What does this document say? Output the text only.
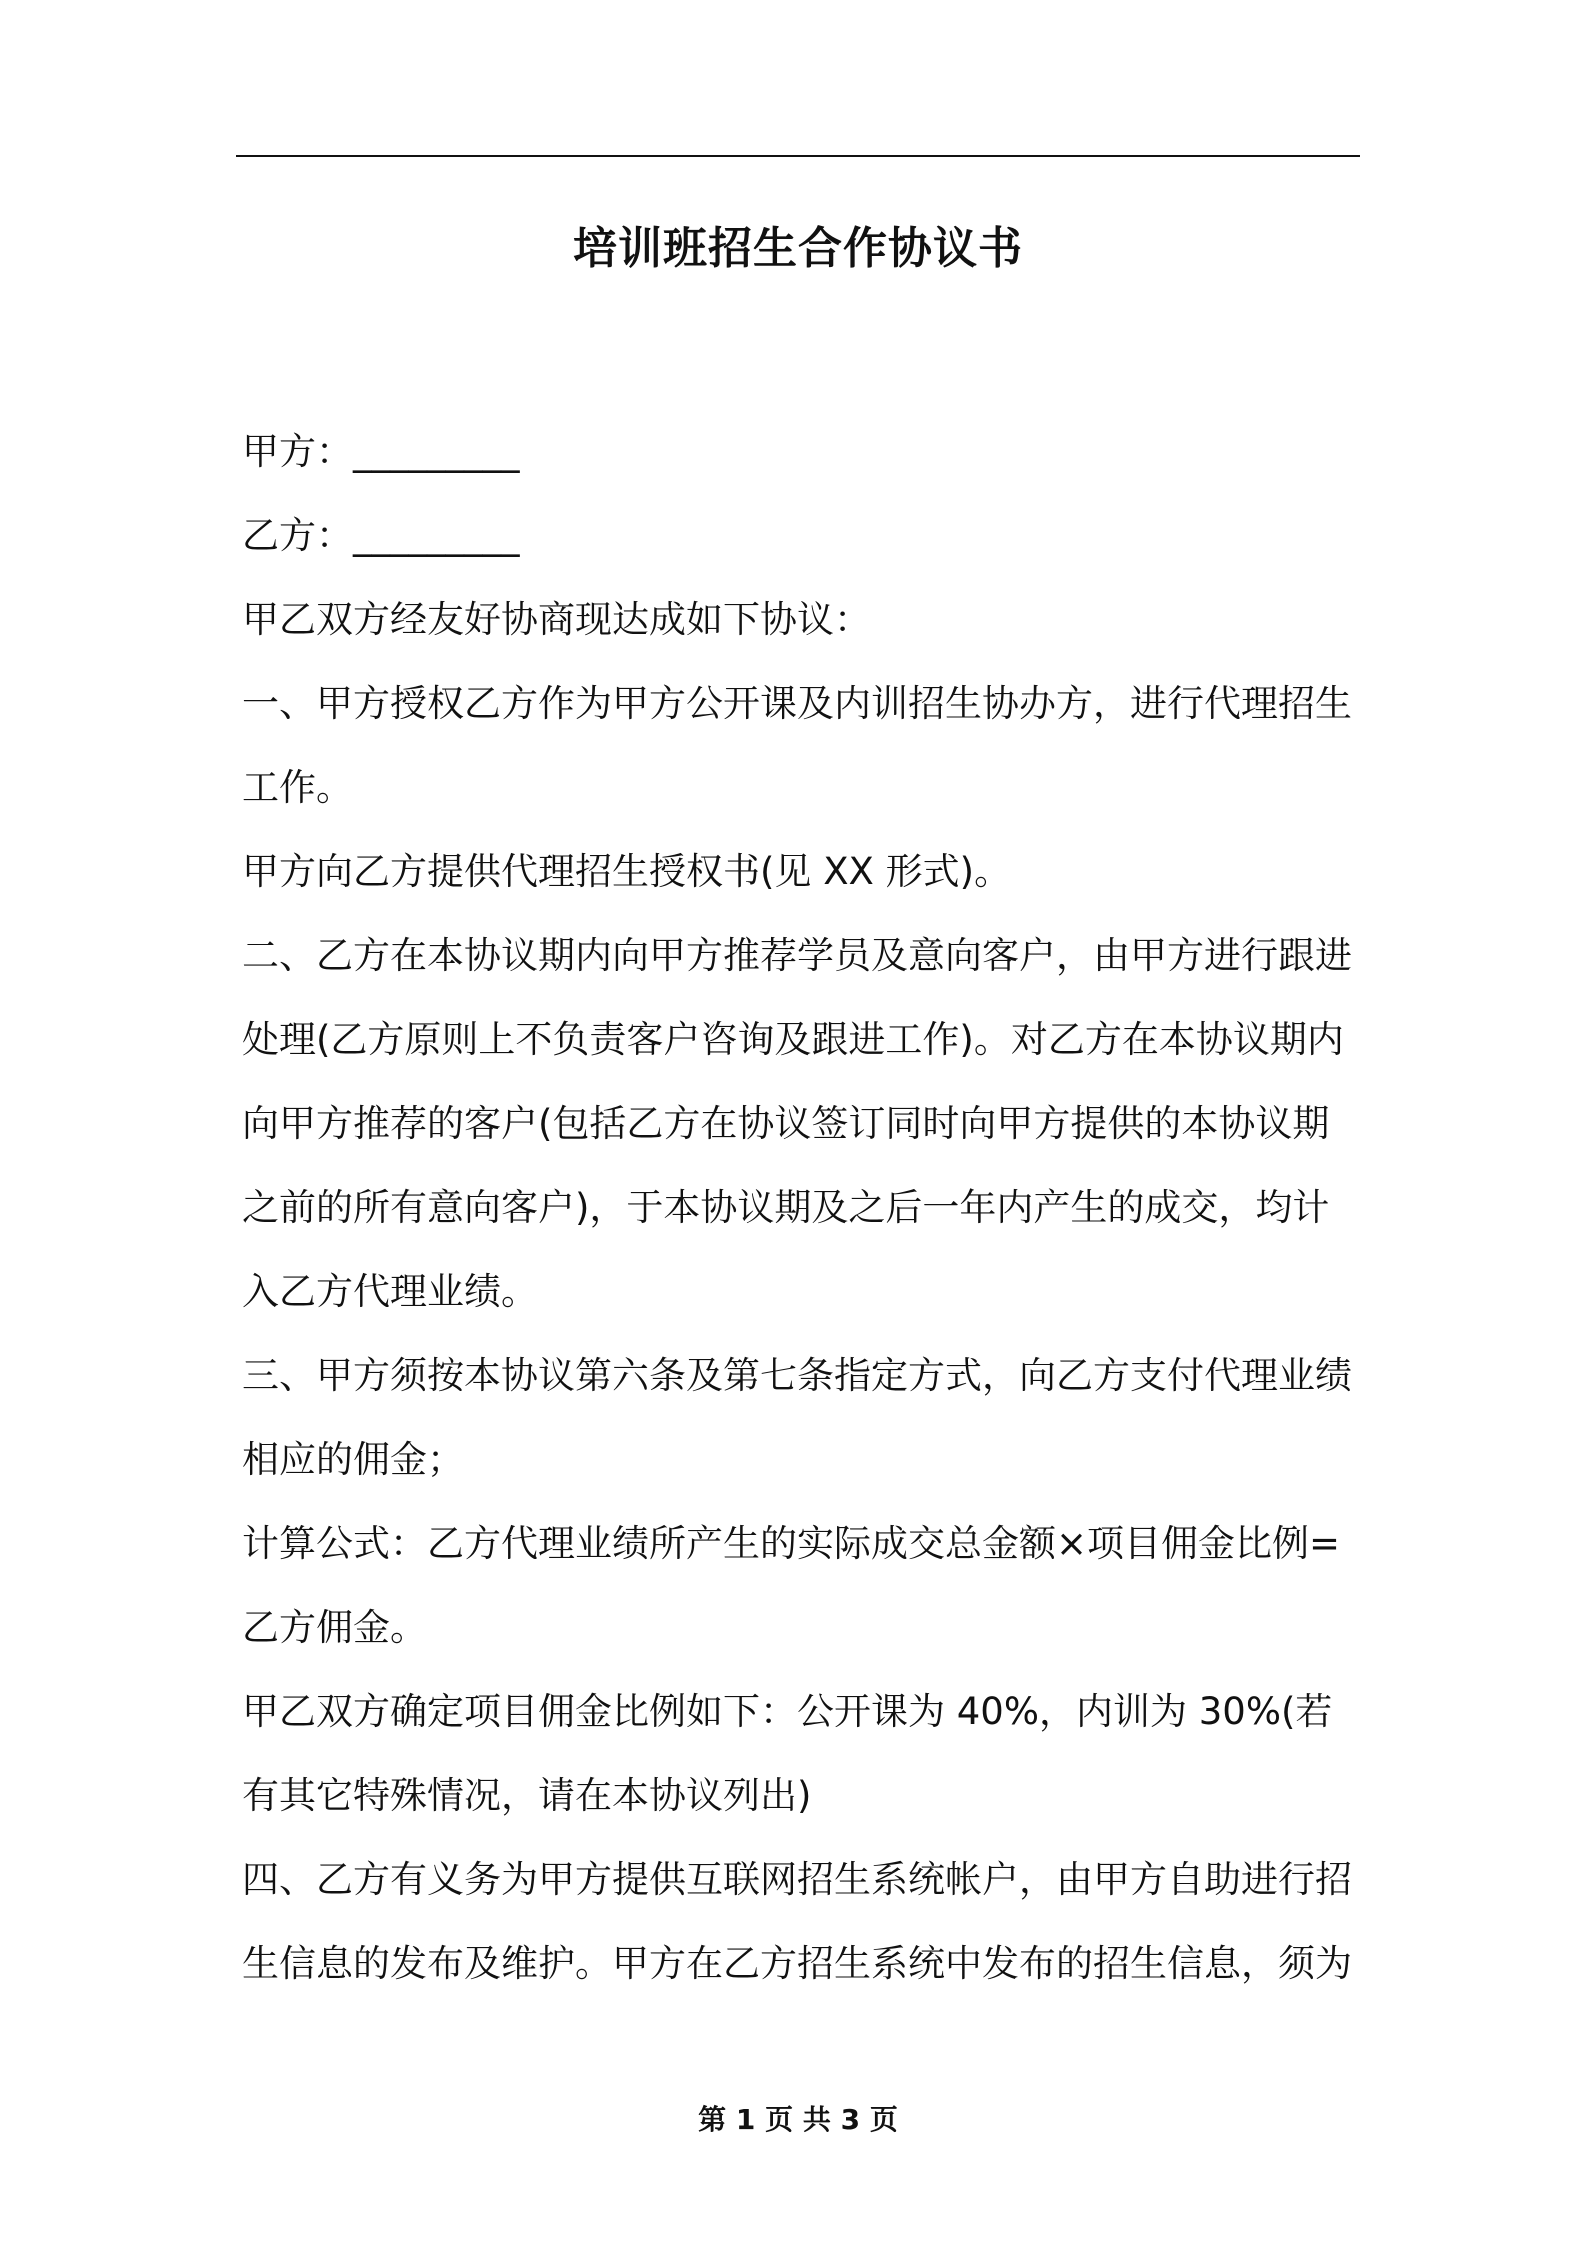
培训班招生合作协议书

甲方：_________

乙方：_________

甲乙双方经友好协商现达成如下协议：

一、甲方授权乙方作为甲方公开课及内训招生协办方，进行代理招生工作。

甲方向乙方提供代理招生授权书(见 XX 形式)。

二、乙方在本协议期内向甲方推荐学员及意向客户，由甲方进行跟进处理(乙方原则上不负责客户咨询及跟进工作)。对乙方在本协议期内向甲方推荐的客户(包括乙方在协议签订同时向甲方提供的本协议期之前的所有意向客户)，于本协议期及之后一年内产生的成交，均计入乙方代理业绩。

三、甲方须按本协议第六条及第七条指定方式，向乙方支付代理业绩相应的佣金；

计算公式：乙方代理业绩所产生的实际成交总金额×项目佣金比例=乙方佣金。

甲乙双方确定项目佣金比例如下：公开课为 40%，内训为 30%(若有其它特殊情况，请在本协议列出)

四、乙方有义务为甲方提供互联网招生系统帐户，由甲方自助进行招生信息的发布及维护。甲方在乙方招生系统中发布的招生信息，须为

第 1 页 共 3 页
